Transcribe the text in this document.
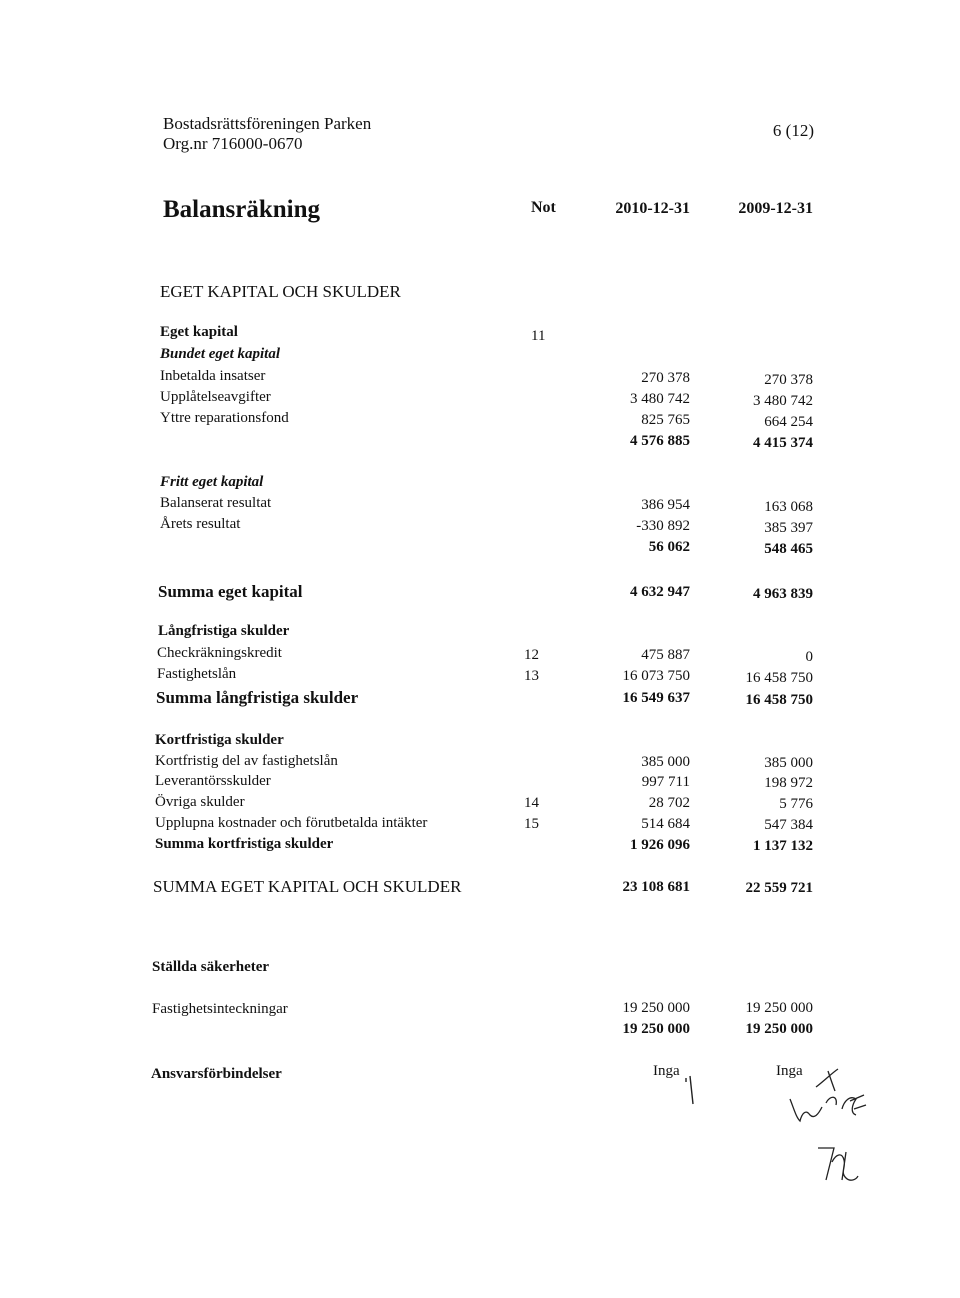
Bostadsrättsföreningen Parken
Org.nr 716000-0670
6 (12)
Balansräkning	Not	2010-12-31	2009-12-31
EGET KAPITAL OCH SKULDER
Eget kapital	11
Bundet eget kapital
Inbetalda insatser	270 378	270 378
Upplåtelseavgifter	3 480 742	3 480 742
Yttre reparationsfond	825 765	664 254
4 576 885	4 415 374
Fritt eget kapital
Balanserat resultat	386 954	163 068
Årets resultat	-330 892	385 397
56 062	548 465
Summa eget kapital	4 632 947	4 963 839
Långfristiga skulder
Checkräkningskredit	12	475 887	0
Fastighetslån	13	16 073 750	16 458 750
Summa långfristiga skulder	16 549 637	16 458 750
Kortfristiga skulder
Kortfristig del av fastighetslån	385 000	385 000
Leverantörsskulder	997 711	198 972
Övriga skulder	14	28 702	5 776
Upplupna kostnader och förutbetalda intäkter	15	514 684	547 384
Summa kortfristiga skulder	1 926 096	1 137 132
SUMMA EGET KAPITAL OCH SKULDER	23 108 681	22 559 721
Ställda säkerheter
Fastighetsinteckningar	19 250 000	19 250 000
19 250 000	19 250 000
Ansvarsförbindelser	Inga	Inga
